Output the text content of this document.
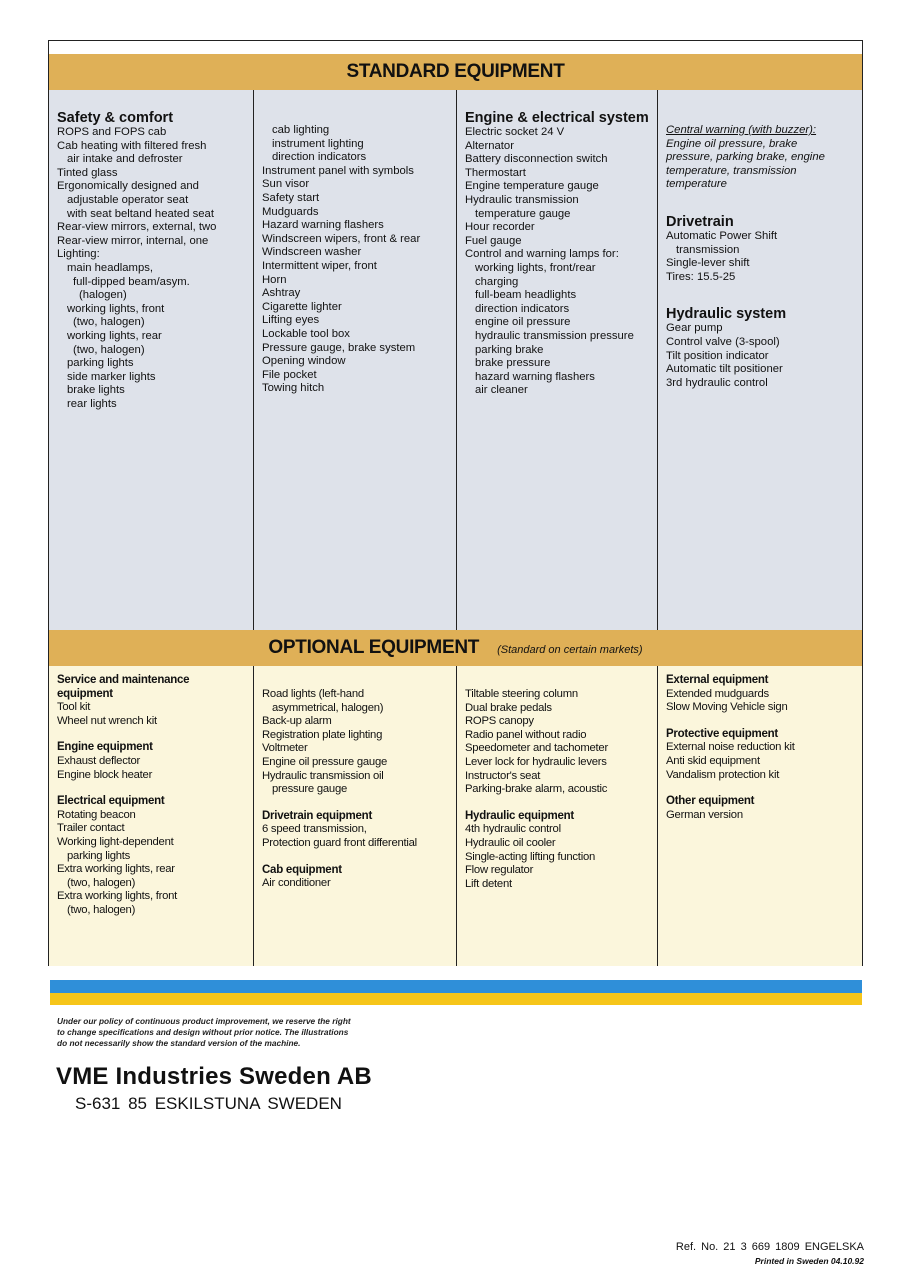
STANDARD EQUIPMENT
Safety & comfort
ROPS and FOPS cab
Cab heating with filtered fresh
air intake and defroster
Tinted glass
Ergonomically designed and
adjustable operator seat
with seat beltand heated seat
Rear-view mirrors, external, two
Rear-view mirror, internal, one
Lighting:
main headlamps,
full-dipped beam/asym.
(halogen)
working lights, front
(two, halogen)
working lights, rear
(two, halogen)
parking lights
side marker lights
brake lights
rear lights
cab lighting
instrument lighting
direction indicators
Instrument panel with symbols
Sun visor
Safety start
Mudguards
Hazard warning flashers
Windscreen wipers, front & rear
Windscreen washer
Intermittent wiper, front
Horn
Ashtray
Cigarette lighter
Lifting eyes
Lockable tool box
Pressure gauge, brake system
Opening window
File pocket
Towing hitch
Engine & electrical system
Electric socket 24 V
Alternator
Battery disconnection switch
Thermostart
Engine temperature gauge
Hydraulic transmission
temperature gauge
Hour recorder
Fuel gauge
Control and warning lamps for:
working lights, front/rear
charging
full-beam headlights
direction indicators
engine oil pressure
hydraulic transmission pressure
parking brake
brake pressure
hazard warning flashers
air cleaner
Central warning (with buzzer):
Engine oil pressure, brake
pressure, parking brake, engine
temperature, transmission
temperature
Drivetrain
Automatic Power Shift
transmission
Single-lever shift
Tires: 15.5-25
Hydraulic system
Gear pump
Control valve (3-spool)
Tilt position indicator
Automatic tilt positioner
3rd hydraulic control
OPTIONAL EQUIPMENT (Standard on certain markets)
Service and maintenance equipment
Tool kit
Wheel nut wrench kit
Engine equipment
Exhaust deflector
Engine block heater
Electrical equipment
Rotating beacon
Trailer contact
Working light-dependent
parking lights
Extra working lights, rear
(two, halogen)
Extra working lights, front
(two, halogen)
Road lights (left-hand
asymmetrical, halogen)
Back-up alarm
Registration plate lighting
Voltmeter
Engine oil pressure gauge
Hydraulic transmission oil
pressure gauge
Drivetrain equipment
6 speed transmission,
Protection guard front differential
Cab equipment
Air conditioner
Tiltable steering column
Dual brake pedals
ROPS canopy
Radio panel without radio
Speedometer and tachometer
Lever lock for hydraulic levers
Instructor's seat
Parking-brake alarm, acoustic
Hydraulic equipment
4th hydraulic control
Hydraulic oil cooler
Single-acting lifting function
Flow regulator
Lift detent
External equipment
Extended mudguards
Slow Moving Vehicle sign
Protective equipment
External noise reduction kit
Anti skid equipment
Vandalism protection kit
Other equipment
German version
Under our policy of continuous product improvement, we reserve the right
to change specifications and design without prior notice. The illustrations
do not necessarily show the standard version of the machine.
VME Industries Sweden AB
S-631 85 ESKILSTUNA SWEDEN
Ref. No. 21 3 669 1809 ENGELSKA
Printed in Sweden 04.10.92
